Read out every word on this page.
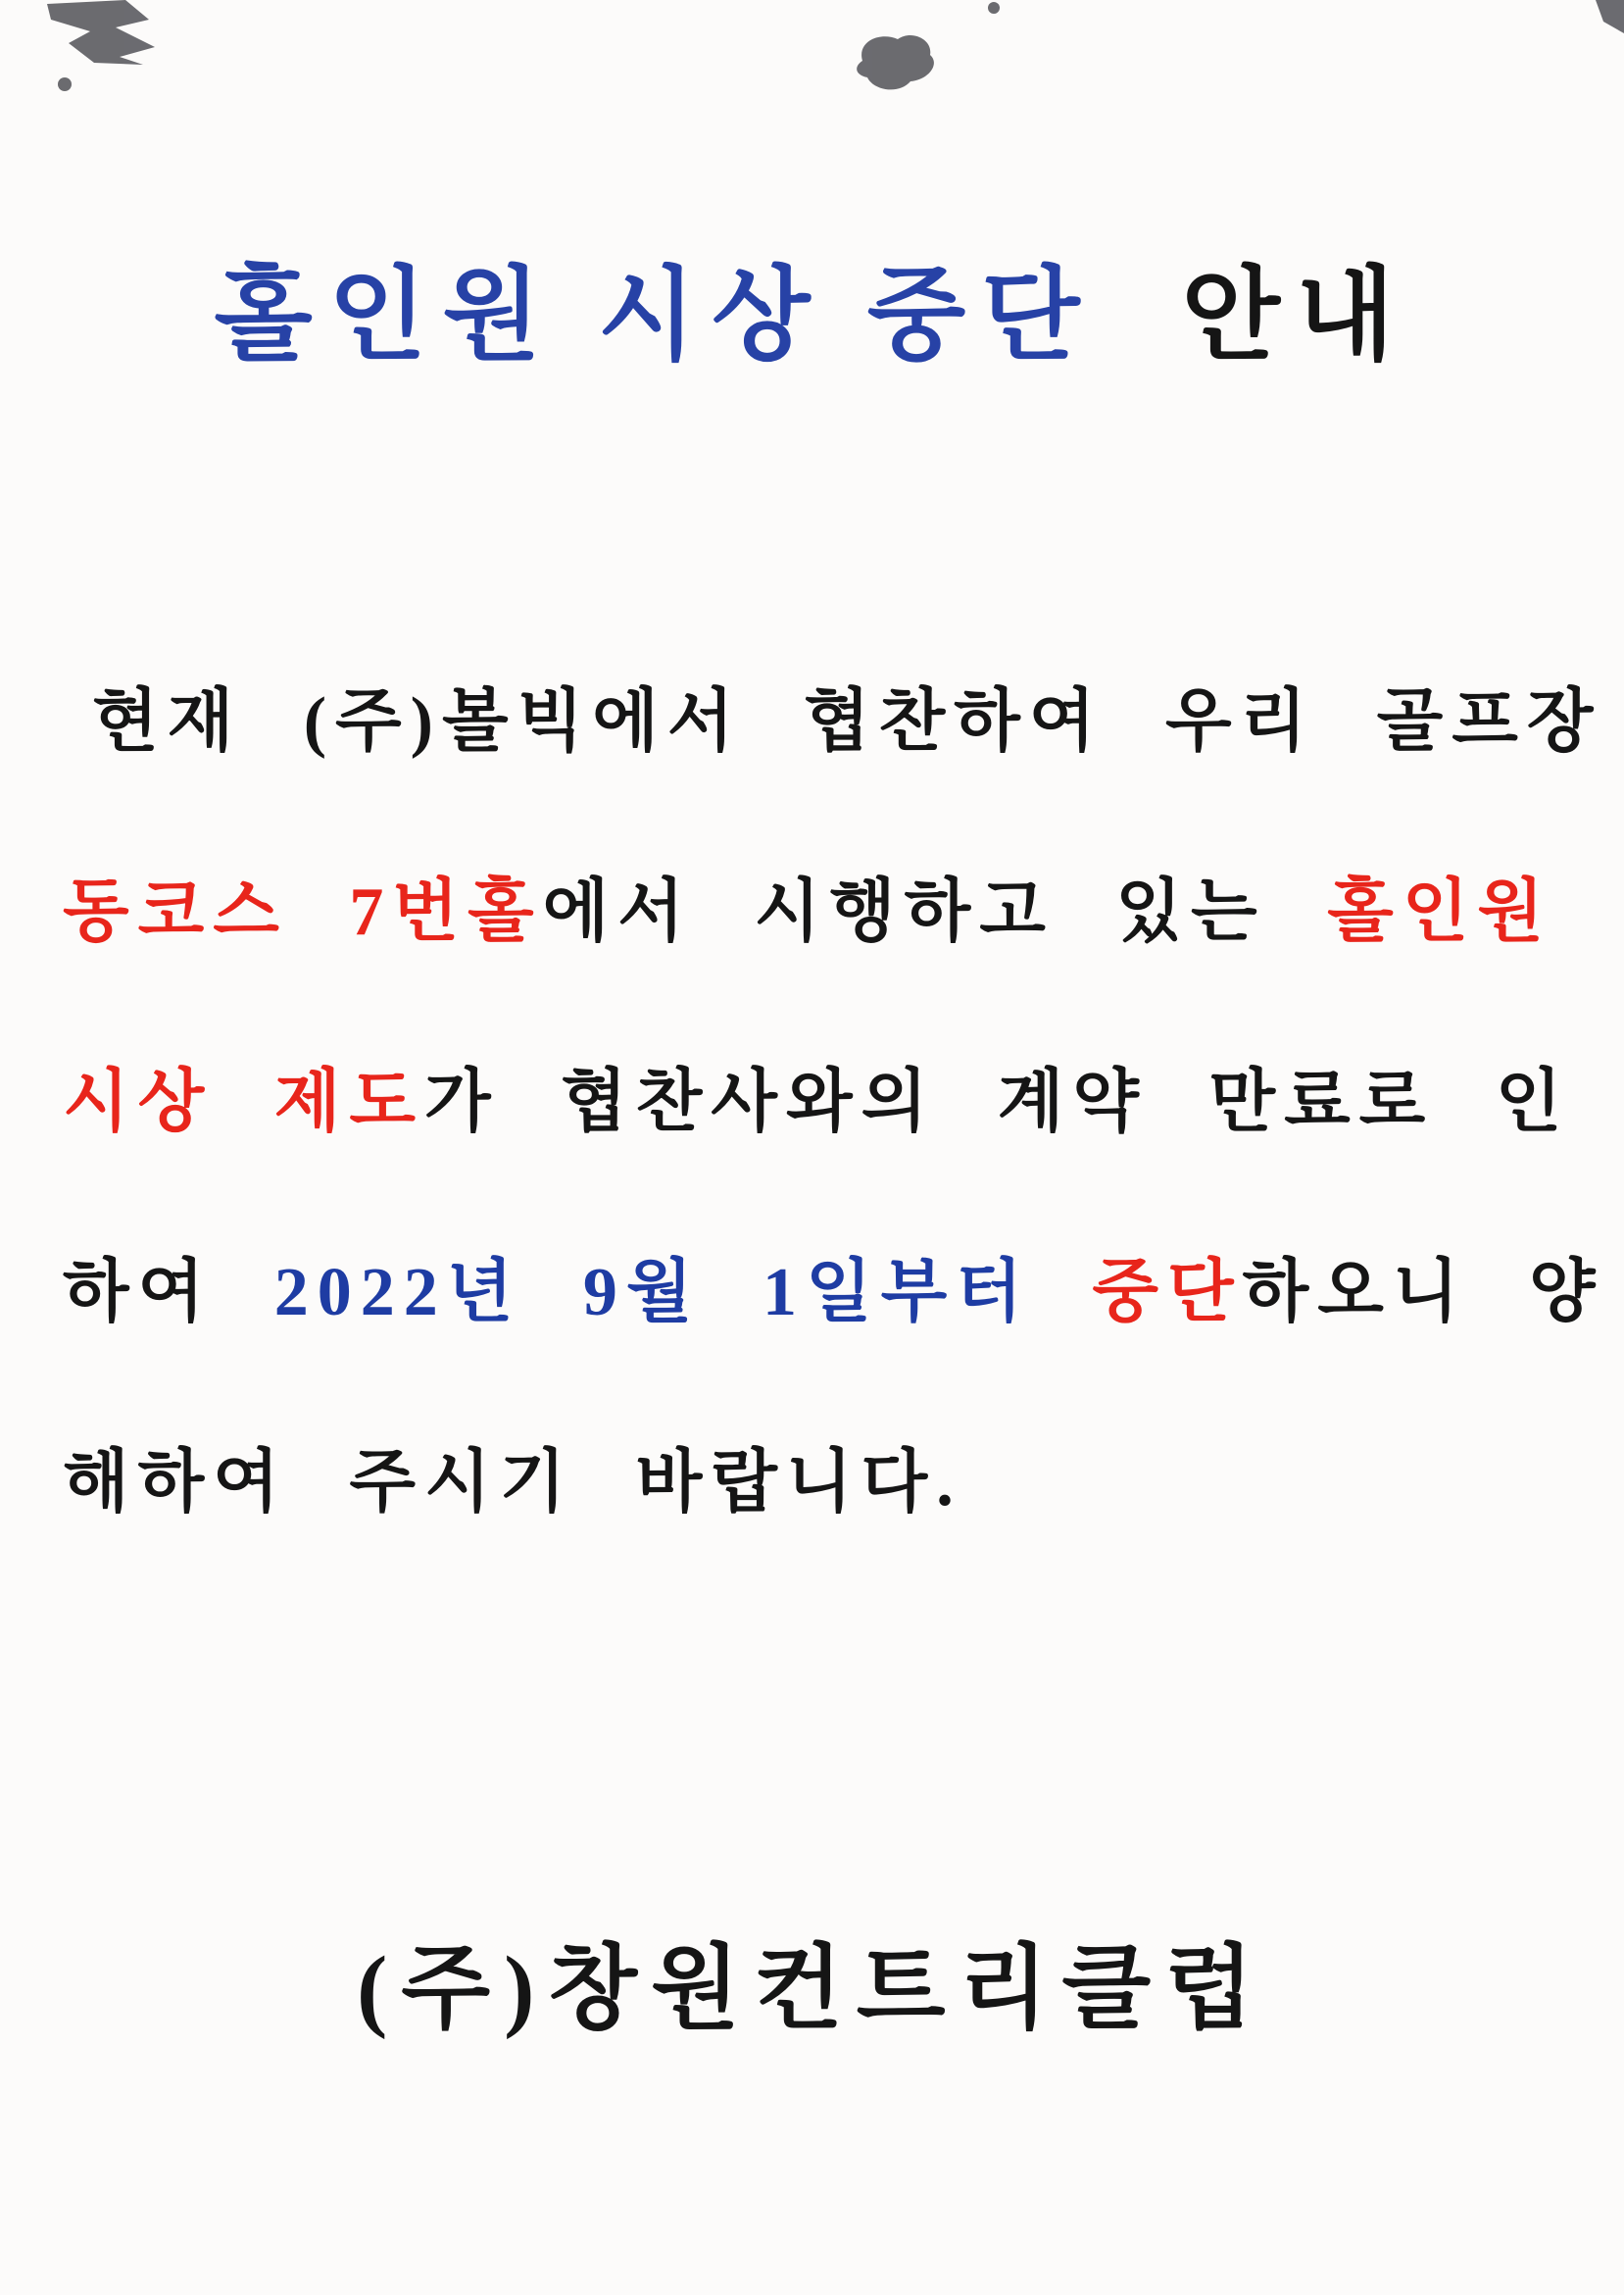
홀인원 시상 중단 안내
현재 (주)볼빅에서 협찬하여 우리 골프장
동코스 7번홀에서 시행하고 있는 홀인원
시상 제도가 협찬사와의 계약 만료로 인
하여 2022년 9월 1일부터 중단하오니 양
해하여 주시기 바랍니다.
(주)창원컨트리클럽
